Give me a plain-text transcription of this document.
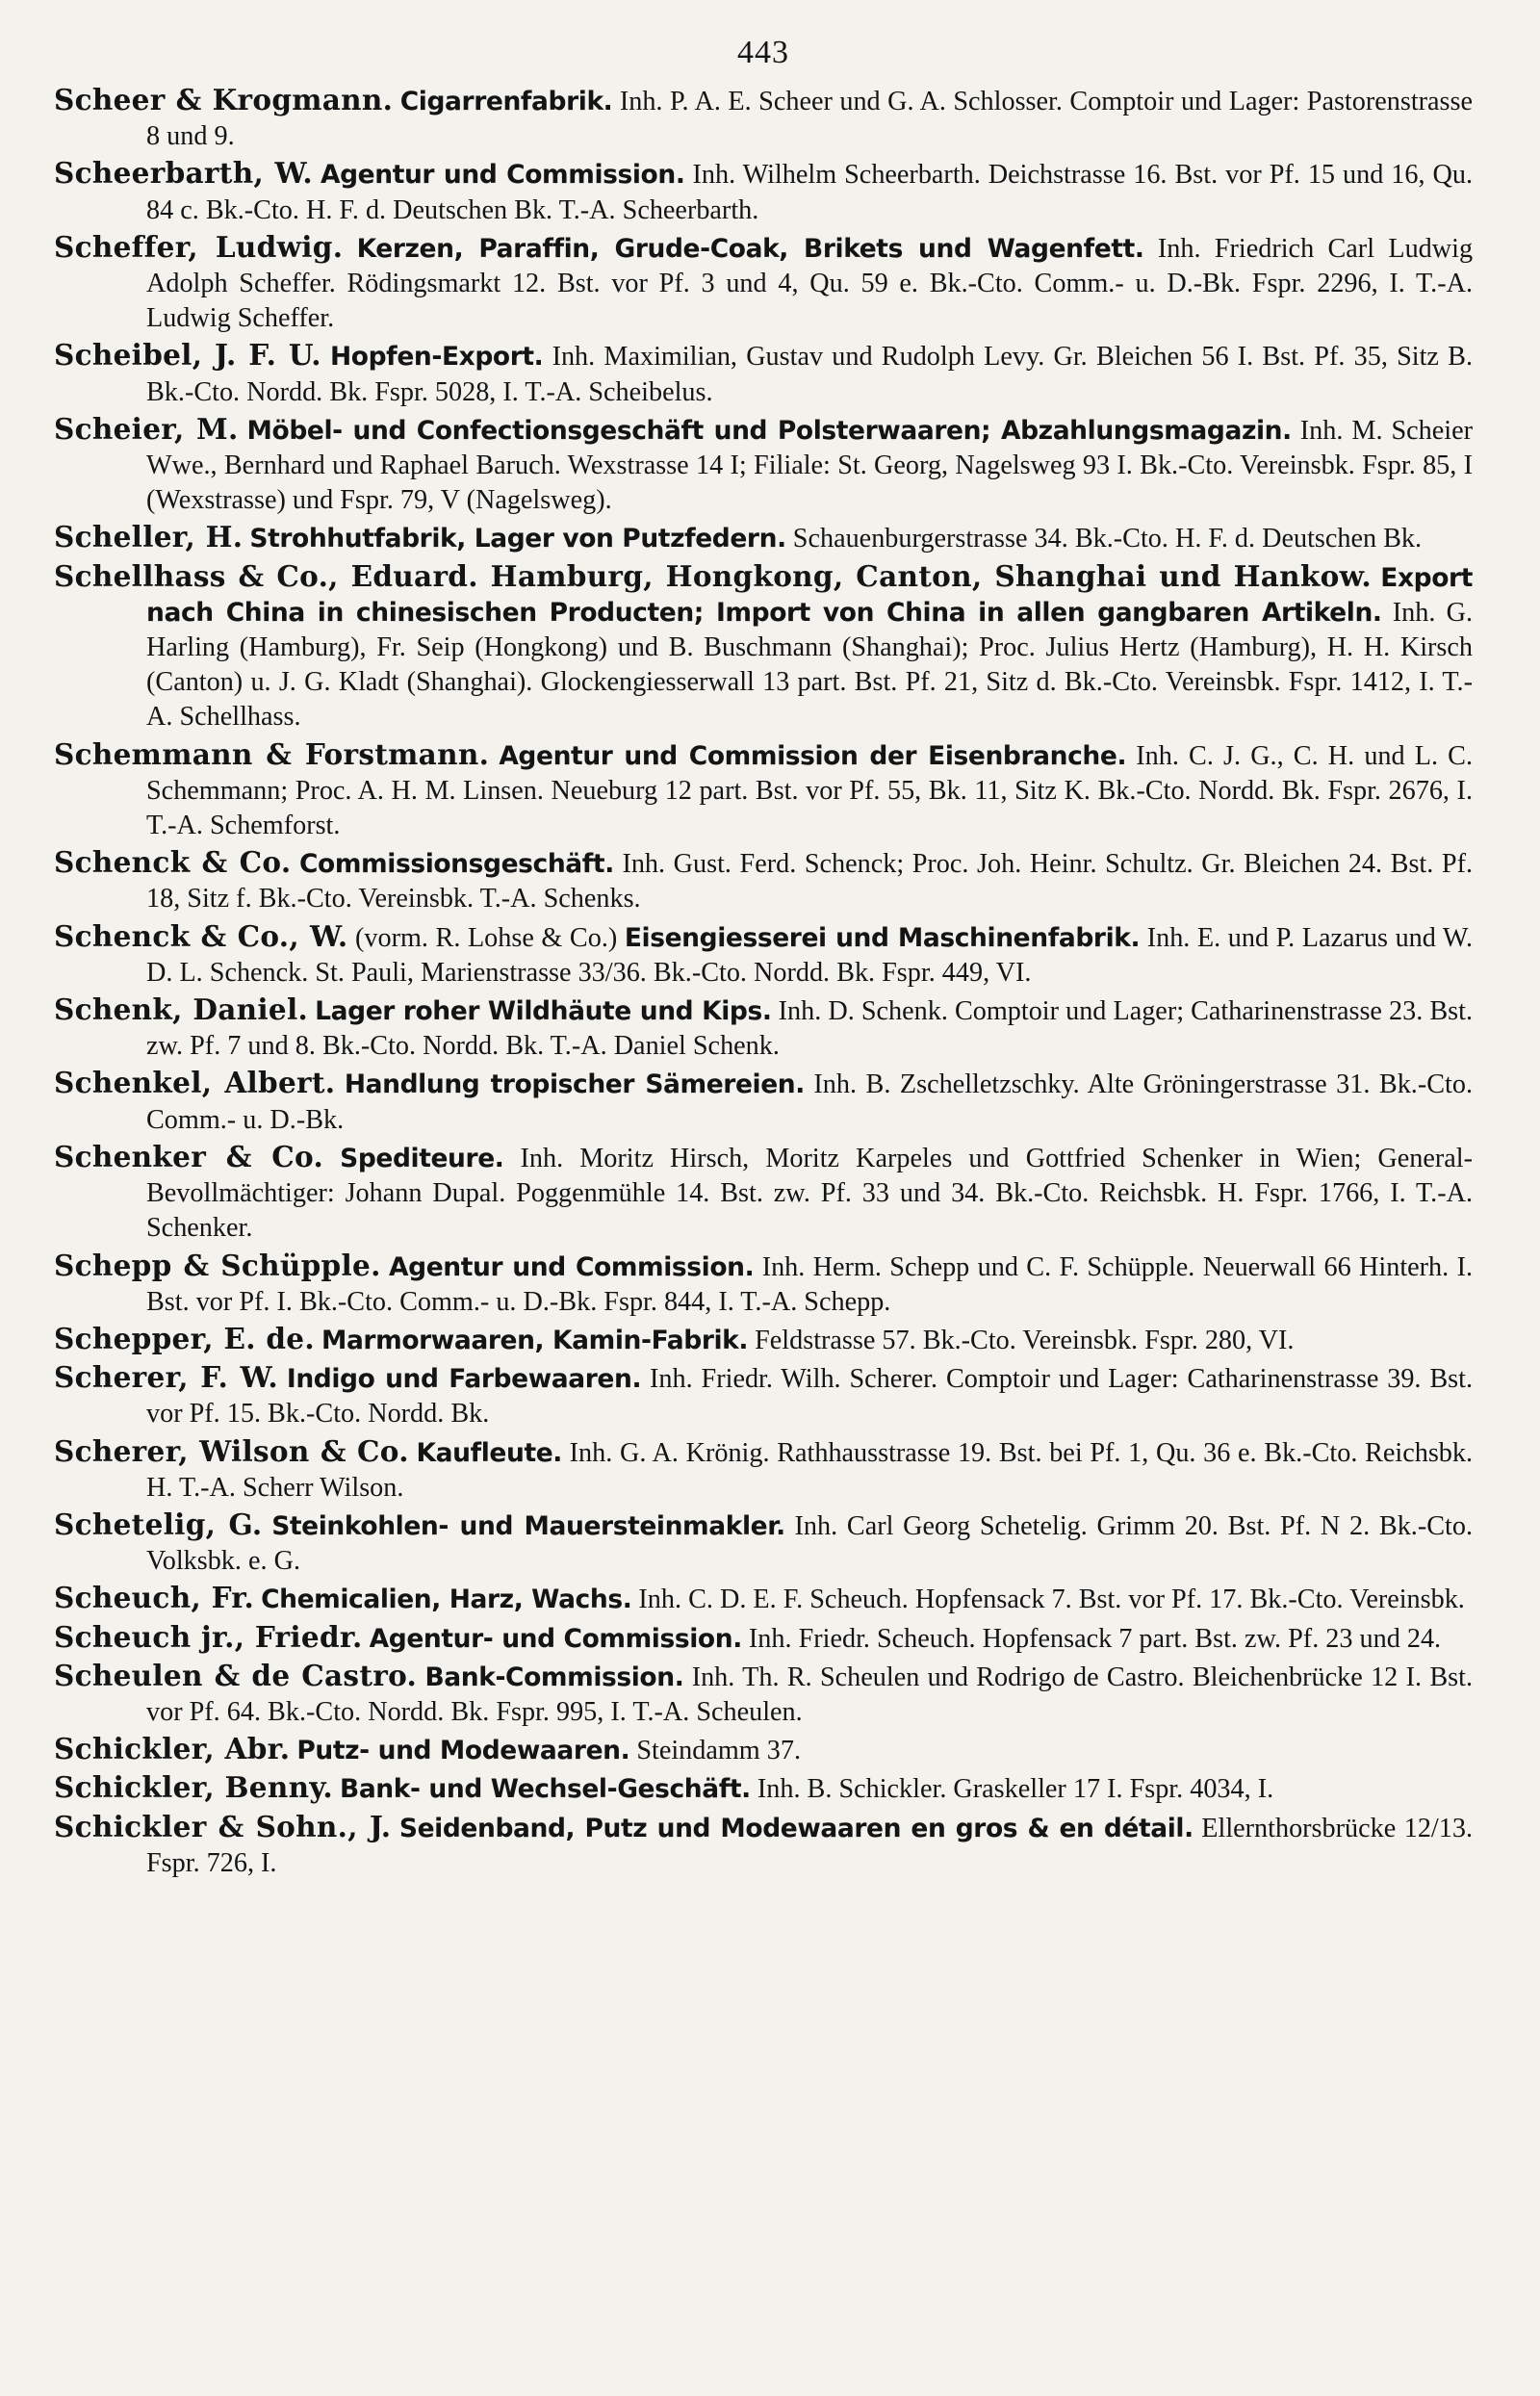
443

Scheer & Krogmann. Cigarrenfabrik. Inh. P. A. E. Scheer und G. A. Schlosser. Comptoir und Lager: Pastorenstrasse 8 und 9.

Scheerbarth, W. Agentur und Commission. Inh. Wilhelm Scheerbarth. Deichstrasse 16. Bst. vor Pf. 15 und 16, Qu. 84 c. Bk.-Cto. H. F. d. Deutschen Bk. T.-A. Scheerbarth.

Scheffer, Ludwig. Kerzen, Paraffin, Grude-Coak, Brikets und Wagenfett. Inh. Friedrich Carl Ludwig Adolph Scheffer. Rödingsmarkt 12. Bst. vor Pf. 3 und 4, Qu. 59 e. Bk.-Cto. Comm.- u. D.-Bk. Fspr. 2296, I. T.-A. Ludwig Scheffer.

Scheibel, J. F. U. Hopfen-Export. Inh. Maximilian, Gustav und Rudolph Levy. Gr. Bleichen 56 I. Bst. Pf. 35, Sitz B. Bk.-Cto. Nordd. Bk. Fspr. 5028, I. T.-A. Scheibelus.

Scheier, M. Möbel- und Confectionsgeschäft und Polsterwaaren; Abzahlungsmagazin. Inh. M. Scheier Wwe., Bernhard und Raphael Baruch. Wexstrasse 14 I; Filiale: St. Georg, Nagelsweg 93 I. Bk.-Cto. Vereinsbk. Fspr. 85, I (Wexstrasse) und Fspr. 79, V (Nagelsweg).

Scheller, H. Strohhutfabrik, Lager von Putzfedern. Schauenburgerstrasse 34. Bk.-Cto. H. F. d. Deutschen Bk.

Schellhass & Co., Eduard. Hamburg, Hongkong, Canton, Shanghai und Hankow. Export nach China in chinesischen Producten; Import von China in allen gangbaren Artikeln. Inh. G. Harling (Hamburg), Fr. Seip (Hongkong) und B. Buschmann (Shanghai); Proc. Julius Hertz (Hamburg), H. H. Kirsch (Canton) u. J. G. Kladt (Shanghai). Glockengiesserwall 13 part. Bst. Pf. 21, Sitz d. Bk.-Cto. Vereinsbk. Fspr. 1412, I. T.-A. Schellhass.

Schemmann & Forstmann. Agentur und Commission der Eisenbranche. Inh. C. J. G., C. H. und L. C. Schemmann; Proc. A. H. M. Linsen. Neueburg 12 part. Bst. vor Pf. 55, Bk. 11, Sitz K. Bk.-Cto. Nordd. Bk. Fspr. 2676, I. T.-A. Schemforst.

Schenck & Co. Commissionsgeschäft. Inh. Gust. Ferd. Schenck; Proc. Joh. Heinr. Schultz. Gr. Bleichen 24. Bst. Pf. 18, Sitz f. Bk.-Cto. Vereinsbk. T.-A. Schenks.

Schenck & Co., W. (vorm. R. Lohse & Co.) Eisengiesserei und Maschinenfabrik. Inh. E. und P. Lazarus und W. D. L. Schenck. St. Pauli, Marienstrasse 33/36. Bk.-Cto. Nordd. Bk. Fspr. 449, VI.

Schenk, Daniel. Lager roher Wildhäute und Kips. Inh. D. Schenk. Comptoir und Lager; Catharinenstrasse 23. Bst. zw. Pf. 7 und 8. Bk.-Cto. Nordd. Bk. T.-A. Daniel Schenk.

Schenkel, Albert. Handlung tropischer Sämereien. Inh. B. Zschelletzschky. Alte Gröningerstrasse 31. Bk.-Cto. Comm.- u. D.-Bk.

Schenker & Co. Spediteure. Inh. Moritz Hirsch, Moritz Karpeles und Gottfried Schenker in Wien; General-Bevollmächtiger: Johann Dupal. Poggenmühle 14. Bst. zw. Pf. 33 und 34. Bk.-Cto. Reichsbk. H. Fspr. 1766, I. T.-A. Schenker.

Schepp & Schüpple. Agentur und Commission. Inh. Herm. Schepp und C. F. Schüpple. Neuerwall 66 Hinterh. I. Bst. vor Pf. I. Bk.-Cto. Comm.- u. D.-Bk. Fspr. 844, I. T.-A. Schepp.

Schepper, E. de. Marmorwaaren, Kamin-Fabrik. Feldstrasse 57. Bk.-Cto. Vereinsbk. Fspr. 280, VI.

Scherer, F. W. Indigo und Farbewaaren. Inh. Friedr. Wilh. Scherer. Comptoir und Lager: Catharinenstrasse 39. Bst. vor Pf. 15. Bk.-Cto. Nordd. Bk.

Scherer, Wilson & Co. Kaufleute. Inh. G. A. Krönig. Rathhausstrasse 19. Bst. bei Pf. 1, Qu. 36 e. Bk.-Cto. Reichsbk. H. T.-A. Scherr Wilson.

Schetelig, G. Steinkohlen- und Mauersteinmakler. Inh. Carl Georg Schetelig. Grimm 20. Bst. Pf. N 2. Bk.-Cto. Volksbk. e. G.

Scheuch, Fr. Chemicalien, Harz, Wachs. Inh. C. D. E. F. Scheuch. Hopfensack 7. Bst. vor Pf. 17. Bk.-Cto. Vereinsbk.

Scheuch jr., Friedr. Agentur- und Commission. Inh. Friedr. Scheuch. Hopfensack 7 part. Bst. zw. Pf. 23 und 24.

Scheulen & de Castro. Bank-Commission. Inh. Th. R. Scheulen und Rodrigo de Castro. Bleichenbrücke 12 I. Bst. vor Pf. 64. Bk.-Cto. Nordd. Bk. Fspr. 995, I. T.-A. Scheulen.

Schickler, Abr. Putz- und Modewaaren. Steindamm 37.

Schickler, Benny. Bank- und Wechsel-Geschäft. Inh. B. Schickler. Graskeller 17 I. Fspr. 4034, I.

Schickler & Sohn., J. Seidenband, Putz und Modewaaren en gros & en détail. Ellernthorsbrücke 12/13. Fspr. 726, I.
